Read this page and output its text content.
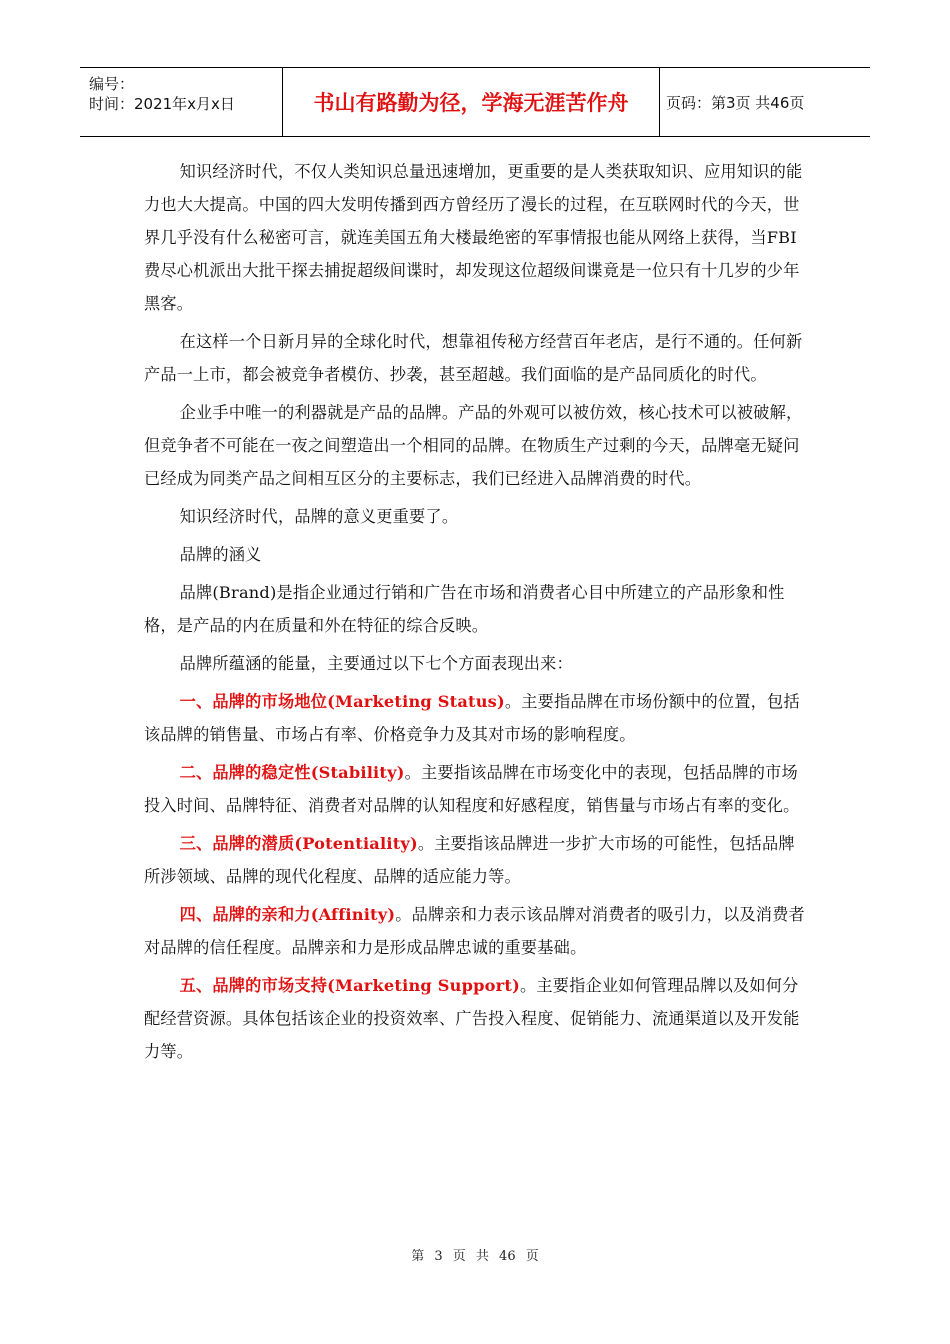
编号：
时间：2021年x月x日	书山有路勤为径，学海无涯苦作舟	页码：第3页 共46页

知识经济时代，不仅人类知识总量迅速增加，更重要的是人类获取知识、应用知识的能力也大大提高。中国的四大发明传播到西方曾经历了漫长的过程，在互联网时代的今天，世界几乎没有什么秘密可言，就连美国五角大楼最绝密的军事情报也能从网络上获得，当FBI费尽心机派出大批干探去捕捉超级间谍时，却发现这位超级间谍竟是一位只有十几岁的少年黑客。

在这样一个日新月异的全球化时代，想靠祖传秘方经营百年老店，是行不通的。任何新产品一上市，都会被竞争者模仿、抄袭，甚至超越。我们面临的是产品同质化的时代。

企业手中唯一的利器就是产品的品牌。产品的外观可以被仿效，核心技术可以被破解，但竞争者不可能在一夜之间塑造出一个相同的品牌。在物质生产过剩的今天，品牌毫无疑问已经成为同类产品之间相互区分的主要标志，我们已经进入品牌消费的时代。

知识经济时代，品牌的意义更重要了。

品牌的涵义

品牌(Brand)是指企业通过行销和广告在市场和消费者心目中所建立的产品形象和性格，是产品的内在质量和外在特征的综合反映。

品牌所蕴涵的能量，主要通过以下七个方面表现出来：

一、品牌的市场地位(Marketing Status)。主要指品牌在市场份额中的位置，包括该品牌的销售量、市场占有率、价格竞争力及其对市场的影响程度。

二、品牌的稳定性(Stability)。主要指该品牌在市场变化中的表现，包括品牌的市场投入时间、品牌特征、消费者对品牌的认知程度和好感程度，销售量与市场占有率的变化。

三、品牌的潜质(Potentiality)。主要指该品牌进一步扩大市场的可能性，包括品牌所涉领域、品牌的现代化程度、品牌的适应能力等。

四、品牌的亲和力(Affinity)。品牌亲和力表示该品牌对消费者的吸引力，以及消费者对品牌的信任程度。品牌亲和力是形成品牌忠诚的重要基础。

五、品牌的市场支持(Marketing Support)。主要指企业如何管理品牌以及如何分配经营资源。具体包括该企业的投资效率、广告投入程度、促销能力、流通渠道以及开发能力等。

第 3 页 共 46 页
